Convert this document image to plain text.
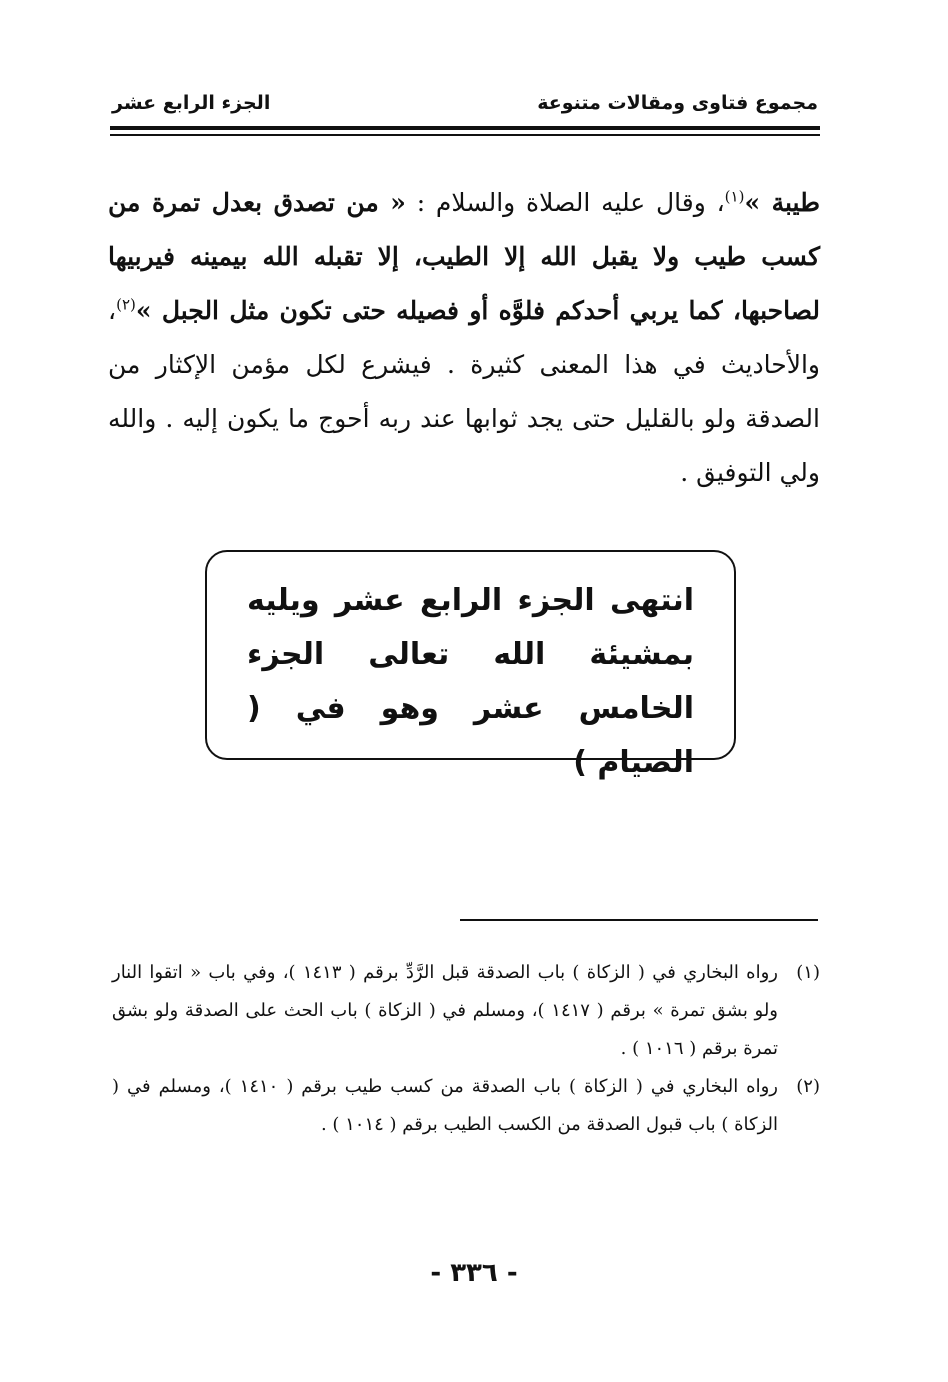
مجموع فتاوى ومقالات متنوعة
الجزء الرابع عشر

طيبة »$^{(١)}$، وقال عليه الصلاة والسلام : « من تصدق بعدل تمرة من كسب طيب ولا يقبل الله إلا الطيب، إلا تقبله الله بيمينه فيربيها لصاحبها، كما يربي أحدكم فلوَّه أو فصيله حتى تكون مثل الجبل »$^{(٢)}$، والأحاديث في هذا المعنى كثيرة . فيشرع لكل مؤمن الإكثار من الصدقة ولو بالقليل حتى يجد ثوابها عند ربه أحوج ما يكون إليه . والله ولي التوفيق .

انتهى الجزء الرابع عشر ويليه بمشيئة الله تعالى الجزء الخامس عشر وهو في ( الصيام )
(١)
رواه البخاري في ( الزكاة ) باب الصدقة قبل الرَّدِّ برقم ( ١٤١٣ )، وفي باب « اتقوا النار ولو بشق تمرة » برقم ( ١٤١٧ )، ومسلم في ( الزكاة ) باب الحث على الصدقة ولو بشق تمرة برقم ( ١٠١٦ ) .
(٢)
رواه البخاري في ( الزكاة ) باب الصدقة من كسب طيب برقم ( ١٤١٠ )، ومسلم في ( الزكاة ) باب قبول الصدقة من الكسب الطيب برقم ( ١٠١٤ ) .
- ٣٣٦ -
